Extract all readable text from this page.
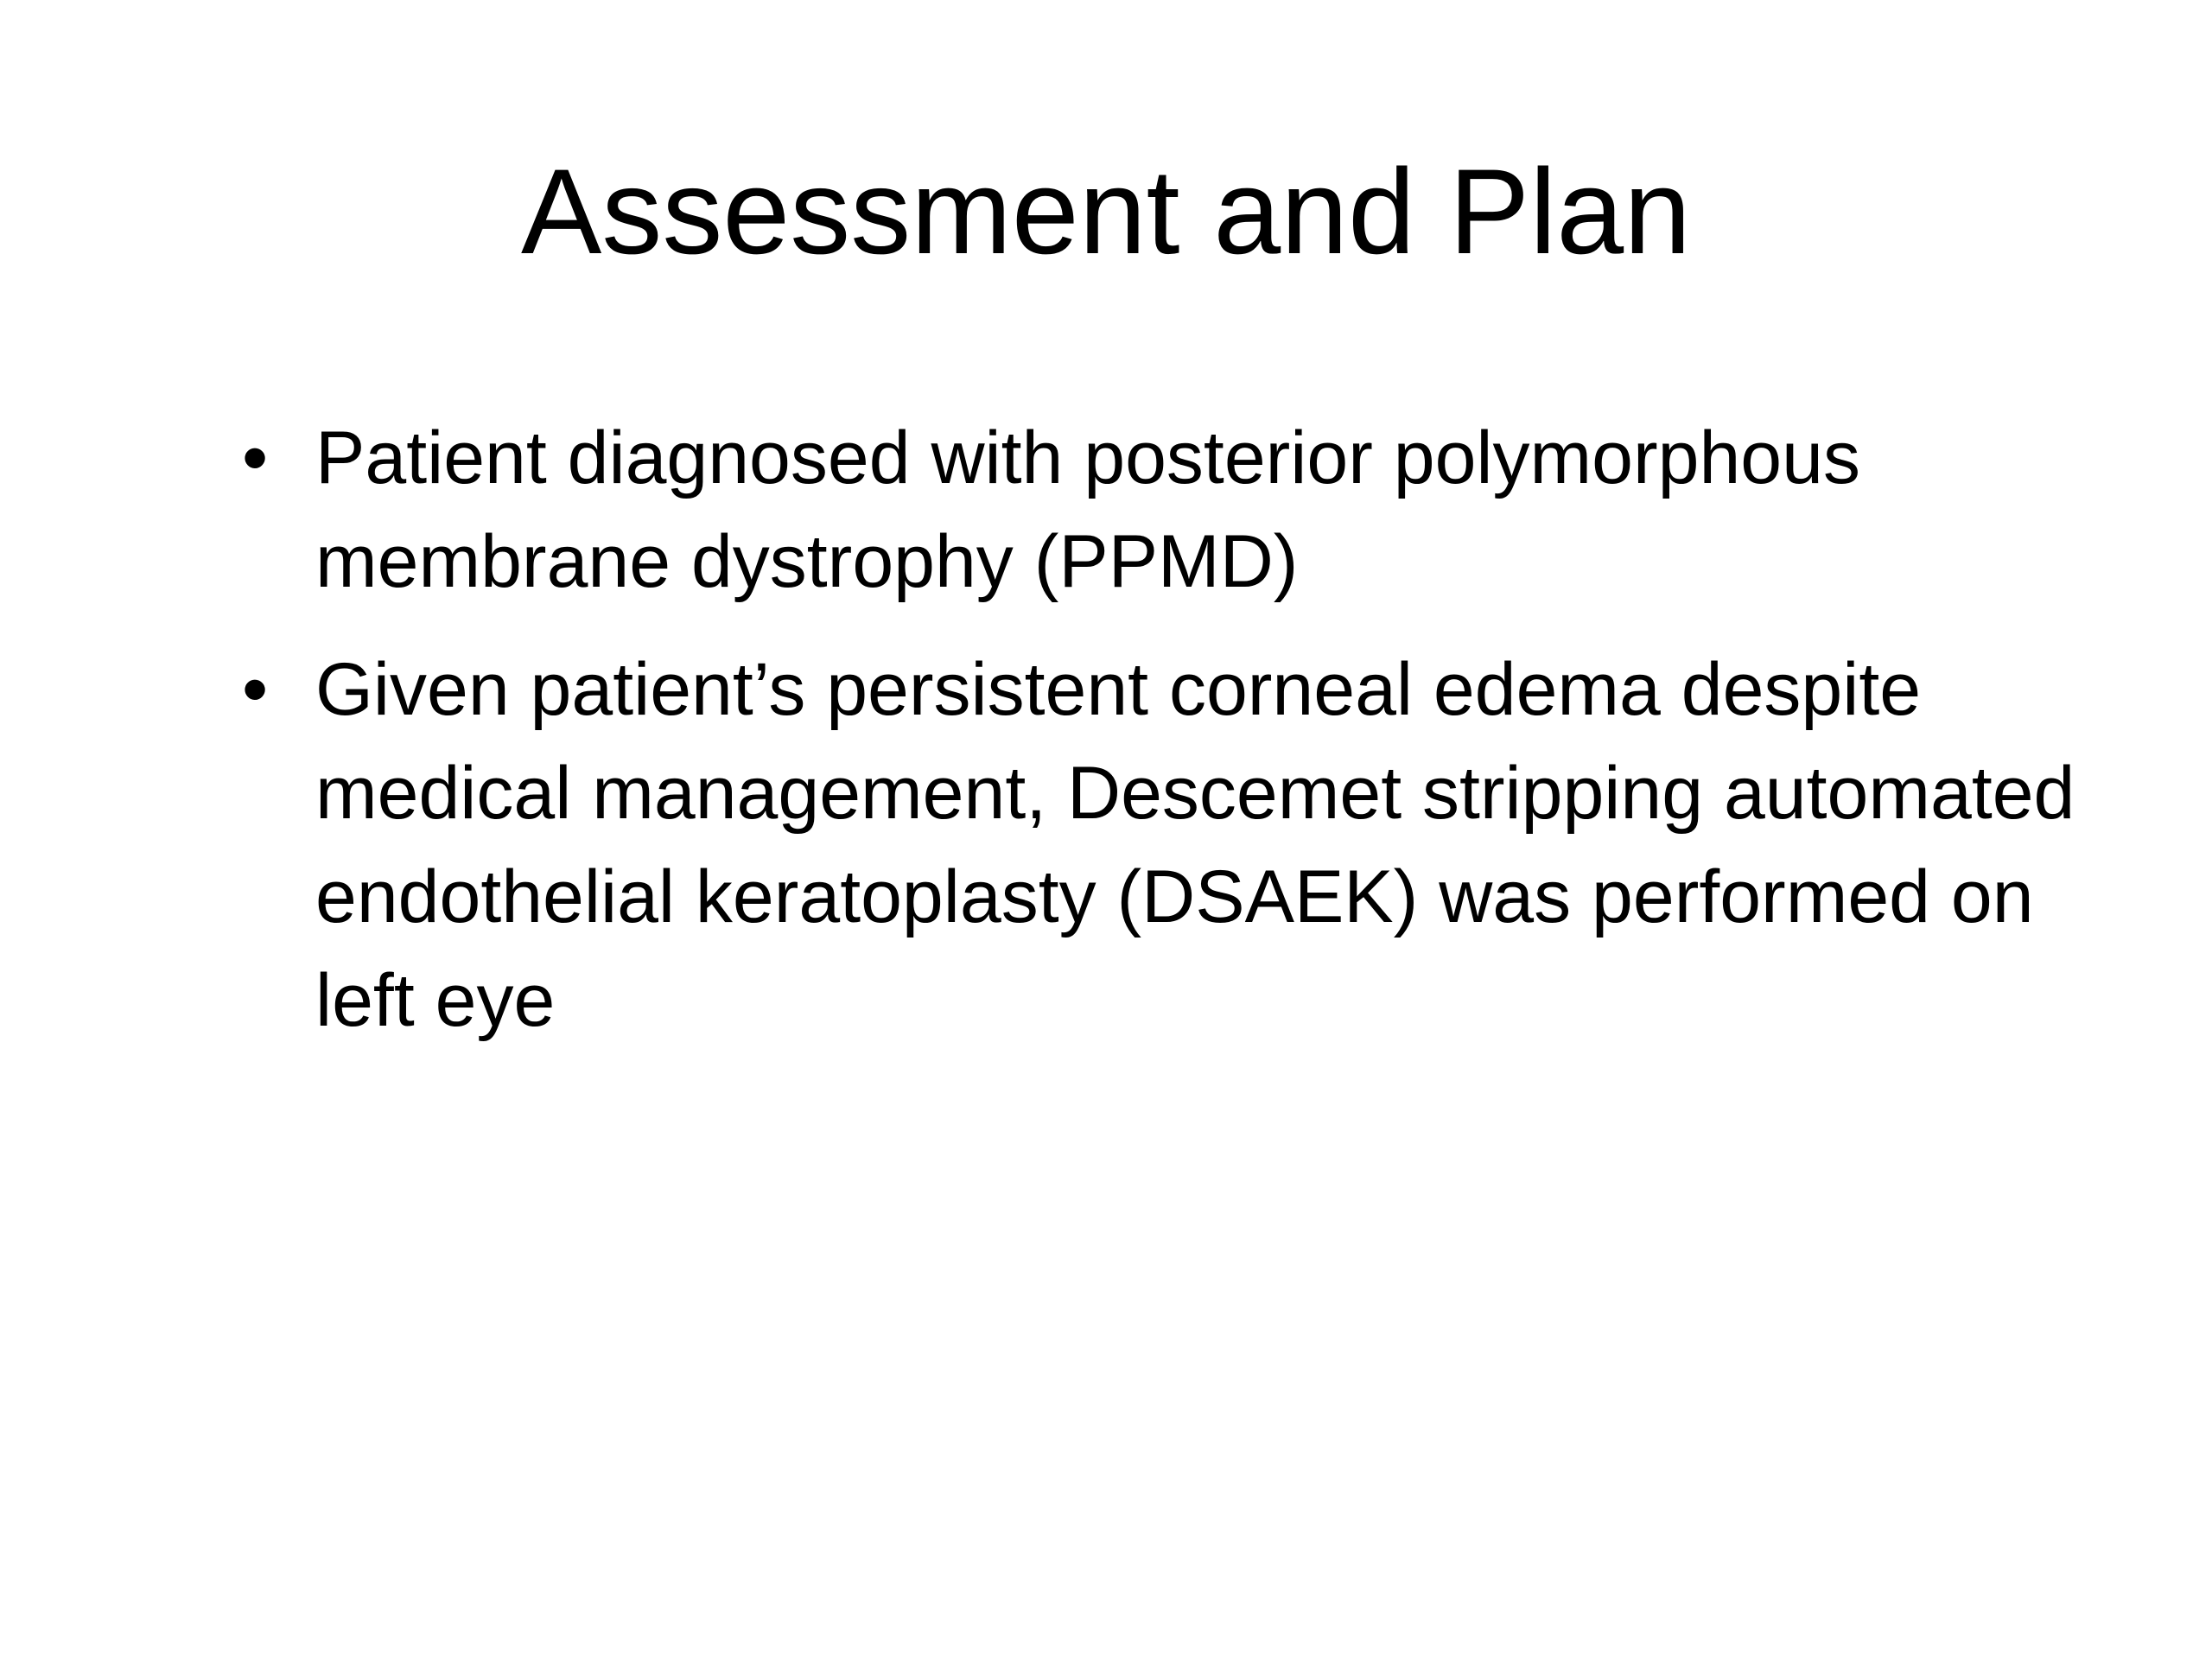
Assessment and Plan
• Patient diagnosed with posterior polymorphous membrane dystrophy (PPMD)
• Given patient’s persistent corneal edema despite medical management, Descemet stripping automated endothelial keratoplasty (DSAEK) was performed on left eye
